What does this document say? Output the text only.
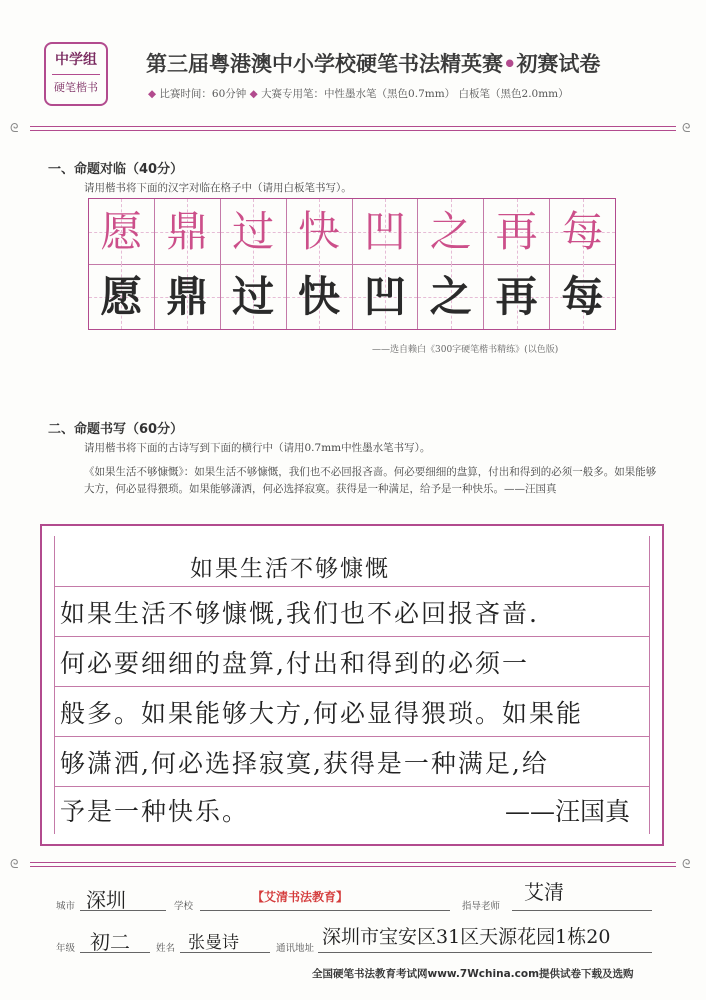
中学组
硬笔楷书
第三届粤港澳中小学校硬笔书法精英赛•初赛试卷
◆ 比赛时间：60分钟 ◆ 大赛专用笔：中性墨水笔（黑色0.7mm） 白板笔（黑色2.0mm）
ᘓ	ᘓ
一、命题对临（40分）
请用楷书将下面的汉字对临在格子中（请用白板笔书写）。
愿 鼎 过 快 凹 之 再 每
愿 鼎 过 快 凹 之 再 每
——选自赖白《300字硬笔楷书精练》(以色版)
二、命题书写（60分）
请用楷书将下面的古诗写到下面的横行中（请用0.7mm中性墨水笔书写）。
《如果生活不够慷慨》：如果生活不够慷慨，我们也不必回报吝啬。何必要细细的盘算，付出和得到的必须一般多。如果能够大方，何必显得猥琐。如果能够潇洒，何必选择寂寞。获得是一种满足，给予是一种快乐。——汪国真
如果生活不够慷慨
如果生活不够慷慨,我们也不必回报吝啬.
何必要细细的盘算,付出和得到的必须一
般多。如果能够大方,何必显得猥琐。如果能
够潇洒,何必选择寂寞,获得是一种满足,给
予是一种快乐。	——汪国真
ᘓ	ᘓ
城市 深圳	学校
【艾清书法教育】
指导老师
艾清
年级 初二	姓名 张曼诗	通讯地址
深圳市宝安区31区天源花园1栋20
全国硬笔书法教育考试网www.7Wchina.com提供试卷下载及选购
